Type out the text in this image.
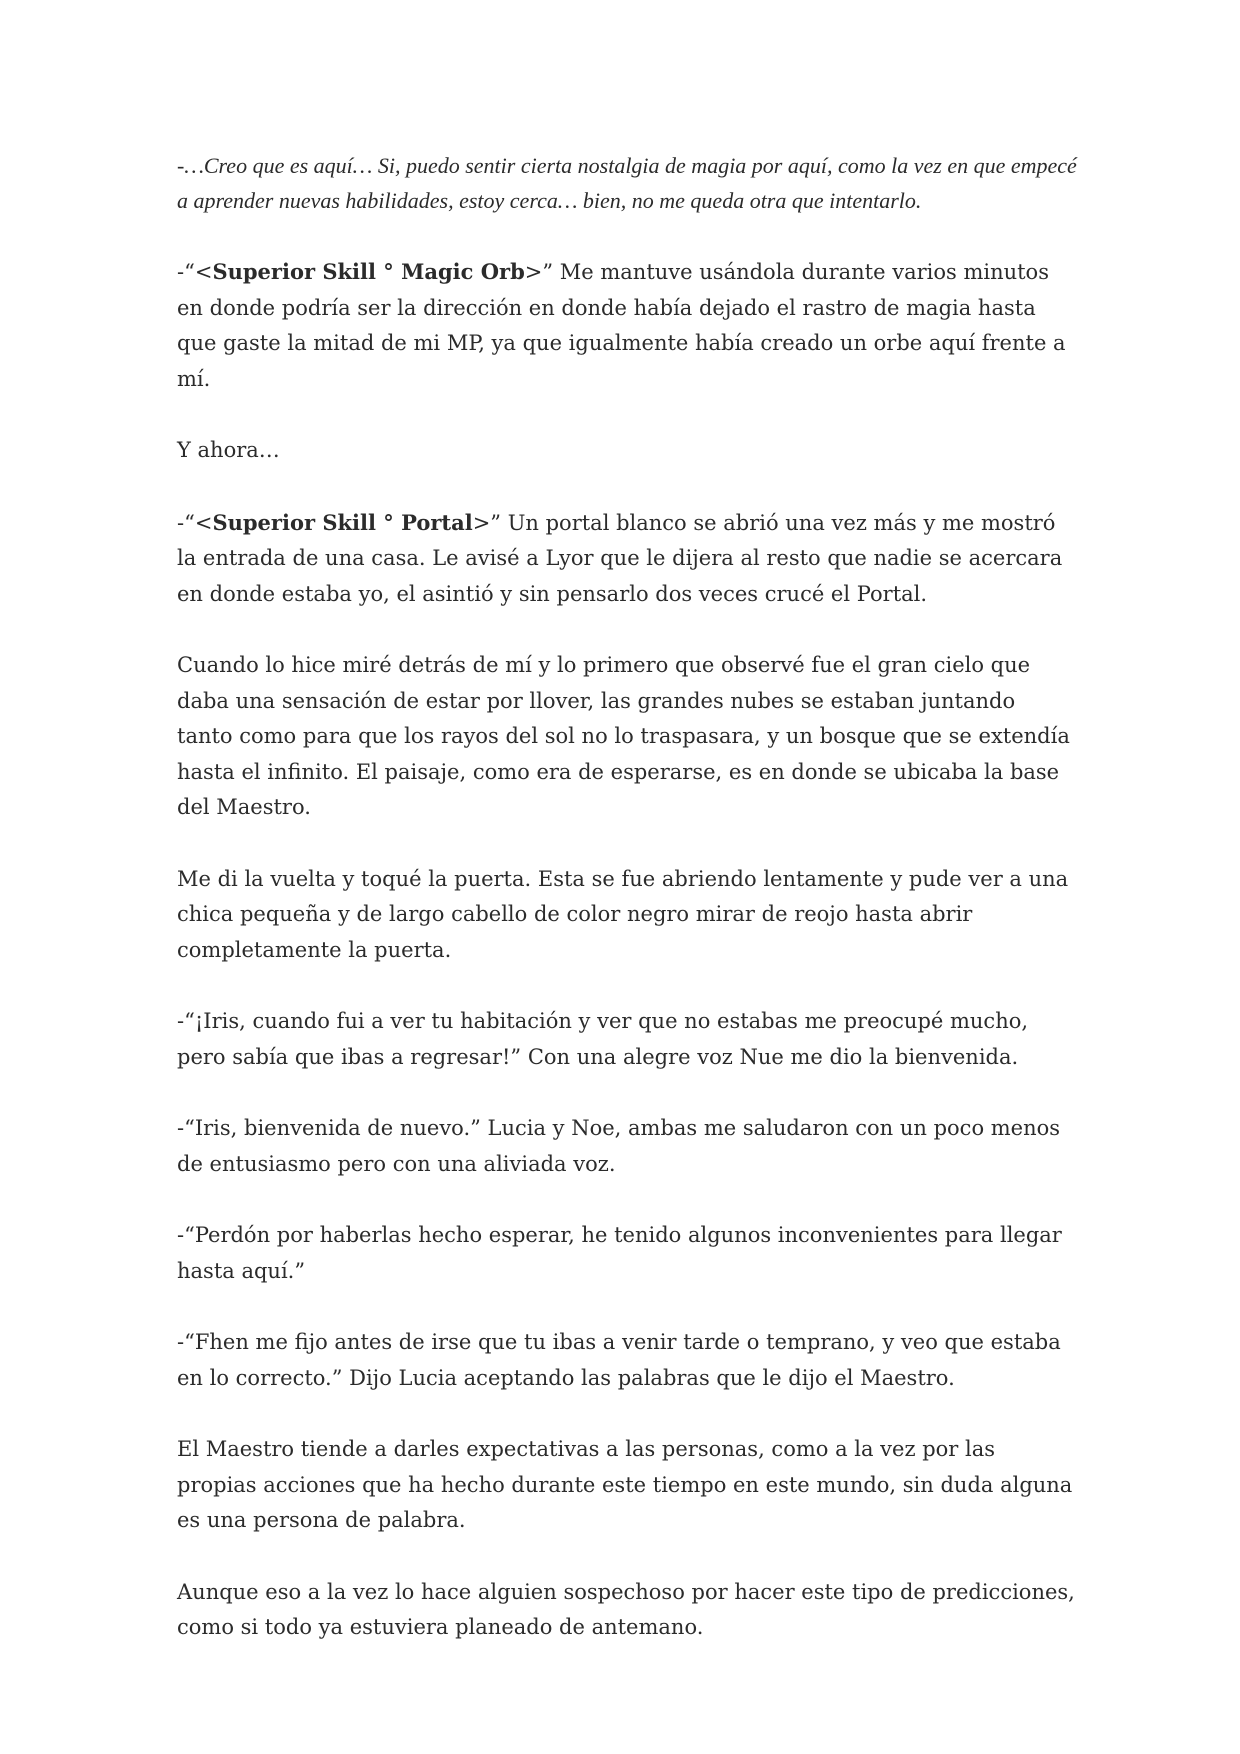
-…Creo que es aquí… Si, puedo sentir cierta nostalgia de magia por aquí, como la vez en que empecé a aprender nuevas habilidades, estoy cerca… bien, no me queda otra que intentarlo.

-“<Superior Skill ° Magic Orb>” Me mantuve usándola durante varios minutos en donde podría ser la dirección en donde había dejado el rastro de magia hasta que gaste la mitad de mi MP, ya que igualmente había creado un orbe aquí frente a mí.

Y ahora…

-“<Superior Skill ° Portal>” Un portal blanco se abrió una vez más y me mostró la entrada de una casa. Le avisé a Lyor que le dijera al resto que nadie se acercara en donde estaba yo, el asintió y sin pensarlo dos veces crucé el Portal.

Cuando lo hice miré detrás de mí y lo primero que observé fue el gran cielo que daba una sensación de estar por llover, las grandes nubes se estaban juntando tanto como para que los rayos del sol no lo traspasara, y un bosque que se extendía hasta el infinito. El paisaje, como era de esperarse, es en donde se ubicaba la base del Maestro.

Me di la vuelta y toqué la puerta. Esta se fue abriendo lentamente y pude ver a una chica pequeña y de largo cabello de color negro mirar de reojo hasta abrir completamente la puerta.

-“¡Iris, cuando fui a ver tu habitación y ver que no estabas me preocupé mucho, pero sabía que ibas a regresar!” Con una alegre voz Nue me dio la bienvenida.

-“Iris, bienvenida de nuevo.” Lucia y Noe, ambas me saludaron con un poco menos de entusiasmo pero con una aliviada voz.

-“Perdón por haberlas hecho esperar, he tenido algunos inconvenientes para llegar hasta aquí.”

-“Fhen me fijo antes de irse que tu ibas a venir tarde o temprano, y veo que estaba en lo correcto.” Dijo Lucia aceptando las palabras que le dijo el Maestro.

El Maestro tiende a darles expectativas a las personas, como a la vez por las propias acciones que ha hecho durante este tiempo en este mundo, sin duda alguna es una persona de palabra.

Aunque eso a la vez lo hace alguien sospechoso por hacer este tipo de predicciones, como si todo ya estuviera planeado de antemano.
